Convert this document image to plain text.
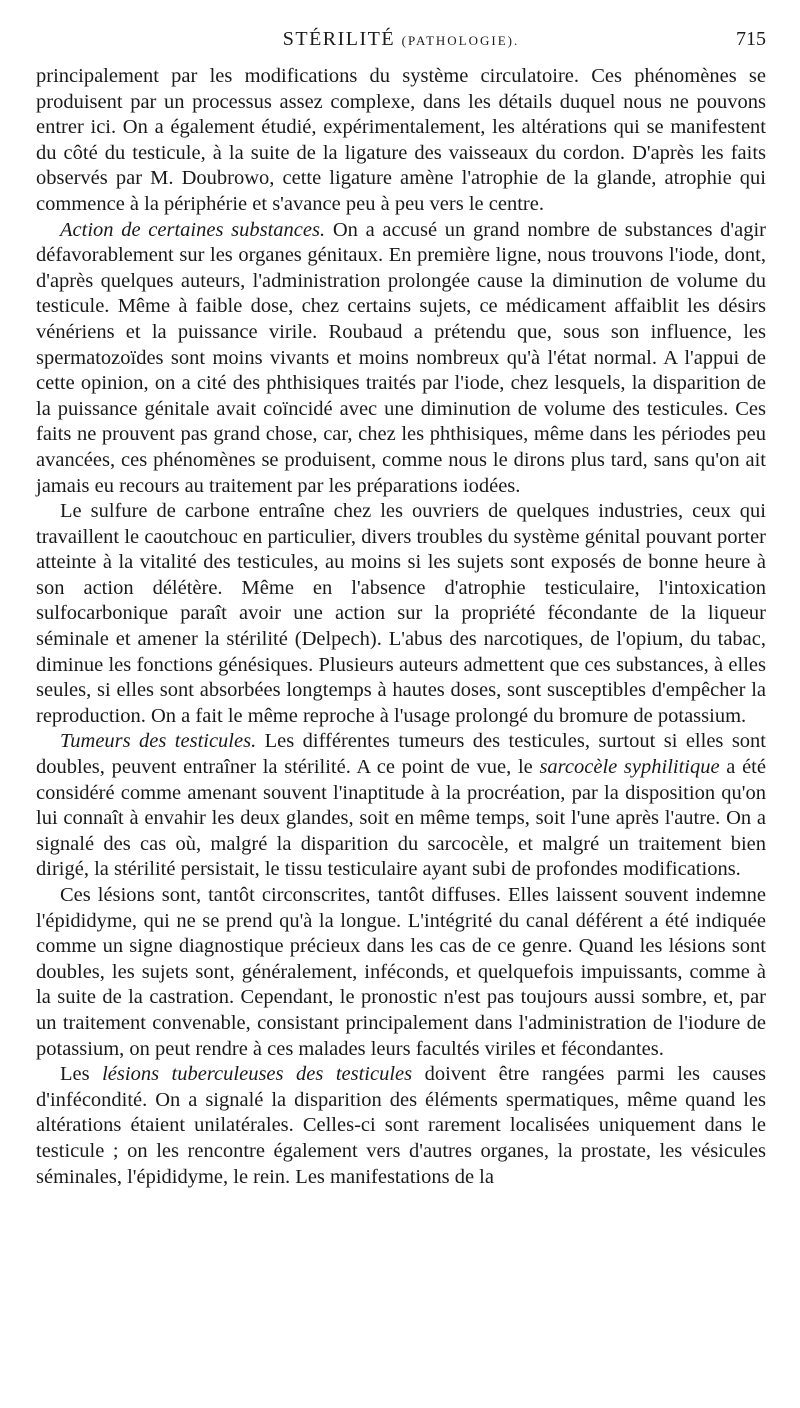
STÉRILITÉ (PATHOLOGIE).	715

principalement par les modifications du système circulatoire. Ces phénomènes se produisent par un processus assez complexe, dans les détails duquel nous ne pouvons entrer ici. On a également étudié, expérimentalement, les altérations qui se manifestent du côté du testicule, à la suite de la ligature des vaisseaux du cordon. D'après les faits observés par M. Doubrowo, cette ligature amène l'atrophie de la glande, atrophie qui commence à la périphérie et s'avance peu à peu vers le centre.

Action de certaines substances. On a accusé un grand nombre de substances d'agir défavorablement sur les organes génitaux. En première ligne, nous trouvons l'iode, dont, d'après quelques auteurs, l'administration prolongée cause la diminution de volume du testicule. Même à faible dose, chez certains sujets, ce médicament affaiblit les désirs vénériens et la puissance virile. Roubaud a prétendu que, sous son influence, les spermatozoïdes sont moins vivants et moins nombreux qu'à l'état normal. A l'appui de cette opinion, on a cité des phthisiques traités par l'iode, chez lesquels, la disparition de la puissance génitale avait coïncidé avec une diminution de volume des testicules. Ces faits ne prouvent pas grand chose, car, chez les phthisiques, même dans les périodes peu avancées, ces phénomènes se produisent, comme nous le dirons plus tard, sans qu'on ait jamais eu recours au traitement par les préparations iodées.

Le sulfure de carbone entraîne chez les ouvriers de quelques industries, ceux qui travaillent le caoutchouc en particulier, divers troubles du système génital pouvant porter atteinte à la vitalité des testicules, au moins si les sujets sont exposés de bonne heure à son action délétère. Même en l'absence d'atrophie testiculaire, l'intoxication sulfocarbonique paraît avoir une action sur la propriété fécondante de la liqueur séminale et amener la stérilité (Delpech). L'abus des narcotiques, de l'opium, du tabac, diminue les fonctions génésiques. Plusieurs auteurs admettent que ces substances, à elles seules, si elles sont absorbées longtemps à hautes doses, sont susceptibles d'empêcher la reproduction. On a fait le même reproche à l'usage prolongé du bromure de potassium.

Tumeurs des testicules. Les différentes tumeurs des testicules, surtout si elles sont doubles, peuvent entraîner la stérilité. A ce point de vue, le sarcocèle syphilitique a été considéré comme amenant souvent l'inaptitude à la procréation, par la disposition qu'on lui connaît à envahir les deux glandes, soit en même temps, soit l'une après l'autre. On a signalé des cas où, malgré la disparition du sarcocèle, et malgré un traitement bien dirigé, la stérilité persistait, le tissu testiculaire ayant subi de profondes modifications.

Ces lésions sont, tantôt circonscrites, tantôt diffuses. Elles laissent souvent indemne l'épididyme, qui ne se prend qu'à la longue. L'intégrité du canal déférent a été indiquée comme un signe diagnostique précieux dans les cas de ce genre. Quand les lésions sont doubles, les sujets sont, généralement, inféconds, et quelquefois impuissants, comme à la suite de la castration. Cependant, le pronostic n'est pas toujours aussi sombre, et, par un traitement convenable, consistant principalement dans l'administration de l'iodure de potassium, on peut rendre à ces malades leurs facultés viriles et fécondantes.

Les lésions tuberculeuses des testicules doivent être rangées parmi les causes d'infécondité. On a signalé la disparition des éléments spermatiques, même quand les altérations étaient unilatérales. Celles-ci sont rarement localisées uniquement dans le testicule ; on les rencontre également vers d'autres organes, la prostate, les vésicules séminales, l'épididyme, le rein. Les manifestations de la
